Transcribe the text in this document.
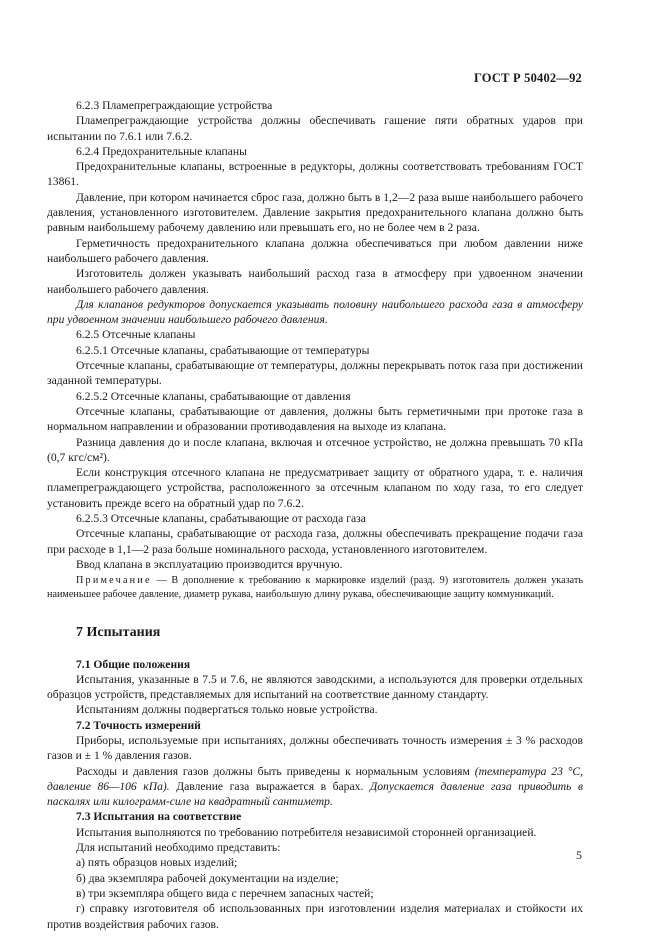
ГОСТ Р 50402—92

6.2.3 Пламепреграждающие устройства

Пламепреграждающие устройства должны обеспечивать гашение пяти обратных ударов при испытании по 7.6.1 или 7.6.2.

6.2.4 Предохранительные клапаны

Предохранительные клапаны, встроенные в редукторы, должны соответствовать требованиям ГОСТ 13861.

Давление, при котором начинается сброс газа, должно быть в 1,2—2 раза выше наибольшего рабочего давления, установленного изготовителем. Давление закрытия предохранительного клапана должно быть равным наибольшему рабочему давлению или превышать его, но не более чем в 2 раза.

Герметичность предохранительного клапана должна обеспечиваться при любом давлении ниже наибольшего рабочего давления.

Изготовитель должен указывать наибольший расход газа в атмосферу при удвоенном значении наибольшего рабочего давления.

Для клапанов редукторов допускается указывать половину наибольшего расхода газа в атмосферу при удвоенном значении наибольшего рабочего давления.

6.2.5 Отсечные клапаны

6.2.5.1 Отсечные клапаны, срабатывающие от температуры

Отсечные клапаны, срабатывающие от температуры, должны перекрывать поток газа при достижении заданной температуры.

6.2.5.2 Отсечные клапаны, срабатывающие от давления

Отсечные клапаны, срабатывающие от давления, должны быть герметичными при протоке газа в нормальном направлении и образовании противодавления на выходе из клапана.

Разница давления до и после клапана, включая и отсечное устройство, не должна превышать 70 кПа (0,7 кгс/см²).

Если конструкция отсечного клапана не предусматривает защиту от обратного удара, т. е. наличия пламепреграждающего устройства, расположенного за отсечным клапаном по ходу газа, то его следует установить прежде всего на обратный удар по 7.6.2.

6.2.5.3 Отсечные клапаны, срабатывающие от расхода газа

Отсечные клапаны, срабатывающие от расхода газа, должны обеспечивать прекращение подачи газа при расходе в 1,1—2 раза больше номинального расхода, установленного изготовителем.

Ввод клапана в эксплуатацию производится вручную.

Примечание — В дополнение к требованию к маркировке изделий (разд. 9) изготовитель должен указать наименьшее рабочее давление, диаметр рукава, наибольшую длину рукава, обеспечивающие защиту коммуникаций.

7 Испытания

7.1 Общие положения

Испытания, указанные в 7.5 и 7.6, не являются заводскими, а используются для проверки отдельных образцов устройств, представляемых для испытаний на соответствие данному стандарту.

Испытаниям должны подвергаться только новые устройства.

7.2 Точность измерений

Приборы, используемые при испытаниях, должны обеспечивать точность измерения ± 3 % расходов газов и ± 1 % давления газов.

Расходы и давления газов должны быть приведены к нормальным условиям (температура 23 °С, давление 86—106 кПа). Давление газа выражается в барах. Допускается давление газа приводить в паскалях или килограмм-силе на квадратный сантиметр.

7.3 Испытания на соответствие

Испытания выполняются по требованию потребителя независимой сторонней организацией.

Для испытаний необходимо представить:

а) пять образцов новых изделий;

б) два экземпляра рабочей документации на изделие;

в) три экземпляра общего вида с перечнем запасных частей;

г) справку изготовителя об использованных при изготовлении изделия материалах и стойкости их против воздействия рабочих газов.

5
